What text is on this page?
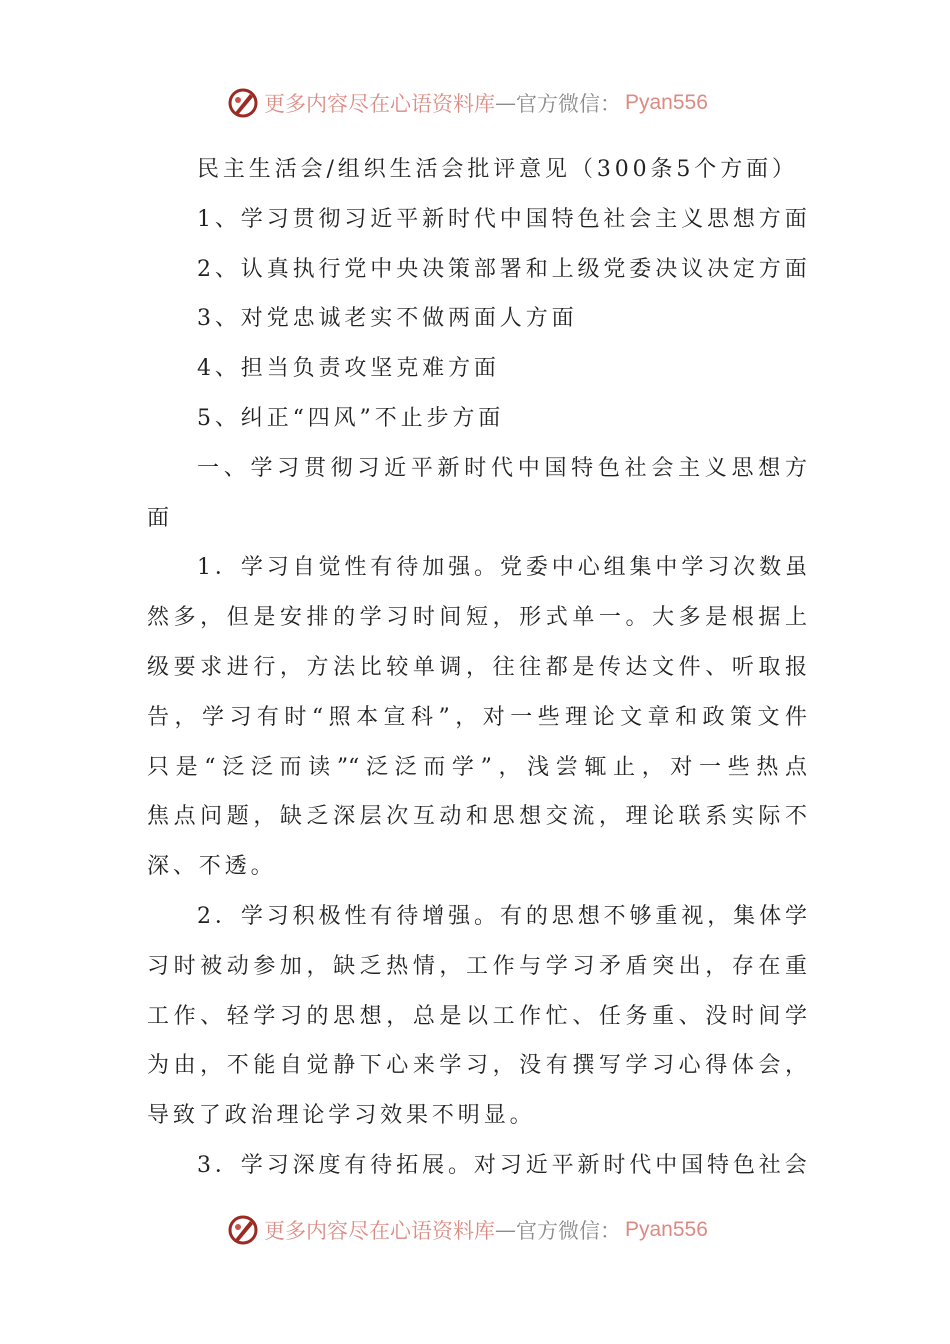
更多内容尽在心语资料库 — 官方微信： Pyan556
民主生活会/组织生活会批评意见（300条5个方面）
1、学习贯彻习近平新时代中国特色社会主义思想方面
2、认真执行党中央决策部署和上级党委决议决定方面
3、对党忠诚老实不做两面人方面
4、担当负责攻坚克难方面
5、纠正“四风”不止步方面
一、学习贯彻习近平新时代中国特色社会主义思想方
面
1．学习自觉性有待加强。党委中心组集中学习次数虽
然多，但是安排的学习时间短，形式单一。大多是根据上
级要求进行，方法比较单调，往往都是传达文件、听取报
告，学习有时“照本宣科”，对一些理论文章和政策文件
只是“泛泛而读”“泛泛而学”，浅尝辄止，对一些热点
焦点问题，缺乏深层次互动和思想交流，理论联系实际不
深、不透。
2．学习积极性有待增强。有的思想不够重视，集体学
习时被动参加，缺乏热情，工作与学习矛盾突出，存在重
工作、轻学习的思想，总是以工作忙、任务重、没时间学
为由，不能自觉静下心来学习，没有撰写学习心得体会，
导致了政治理论学习效果不明显。
3．学习深度有待拓展。对习近平新时代中国特色社会
更多内容尽在心语资料库 — 官方微信： Pyan556
